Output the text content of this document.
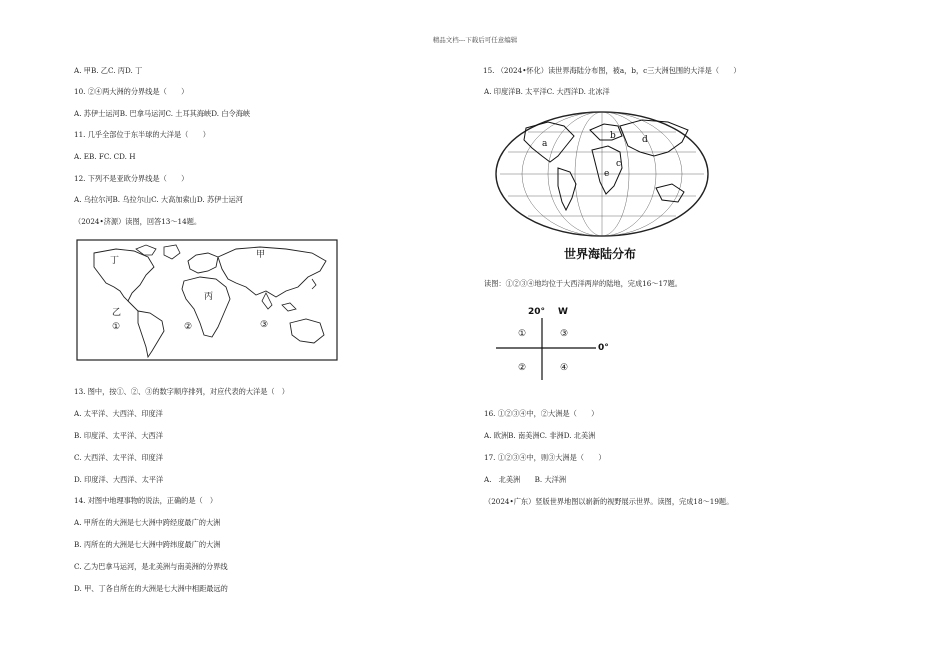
精品文档---下载后可任意编辑
A. 甲B. 乙C. 丙D. 丁
10. ②④两大洲的分界线是（　　）
A. 苏伊士运河B. 巴拿马运河C. 土耳其海峡D. 白令海峡
11. 几乎全部位于东半球的大洋是（　　）
A. EB. FC. CD. H
12. 下列不是亚欧分界线是（　　）
A. 乌拉尔河B. 乌拉尔山C. 大高加索山D. 苏伊士运河
（2024•济源）读图，回答13～14题。
丁
甲
丙
乙
①	②	③
13. 图中，按①、②、③的数字顺序排列，对应代表的大洋是（　）
A. 太平洋、大西洋、印度洋
B. 印度洋、太平洋、大西洋
C. 大西洋、太平洋、印度洋
D. 印度洋、大西洋、太平洋
14. 对图中地理事物的说法，正确的是（　）
A. 甲所在的大洲是七大洲中跨经度最广的大洲
B. 丙所在的大洲是七大洲中跨纬度最广的大洲
C. 乙为巴拿马运河，是北美洲与南美洲的分界线
D. 甲、丁各自所在的大洲是七大洲中相距最远的
15. （2024•怀化）读世界海陆分布图，被a，b，c三大洲包围的大洋是（　　）
A. 印度洋B. 太平洋C. 大西洋D. 北冰洋
a
b
c
d
e
世界海陆分布
读图：①②③④地均位于大西洋两岸的陆地，完成16～17题。
20° W
0°
①
②
③
④
16. ①②③④中，②大洲是（　　）
A. 欧洲B. 南美洲C. 非洲D. 北美洲
17. ①②③④中，则③大洲是（　　）
A.　北美洲　　B. 大洋洲
（2024•广东）竖版世界地图以崭新的视野展示世界。读图，完成18～19题。
